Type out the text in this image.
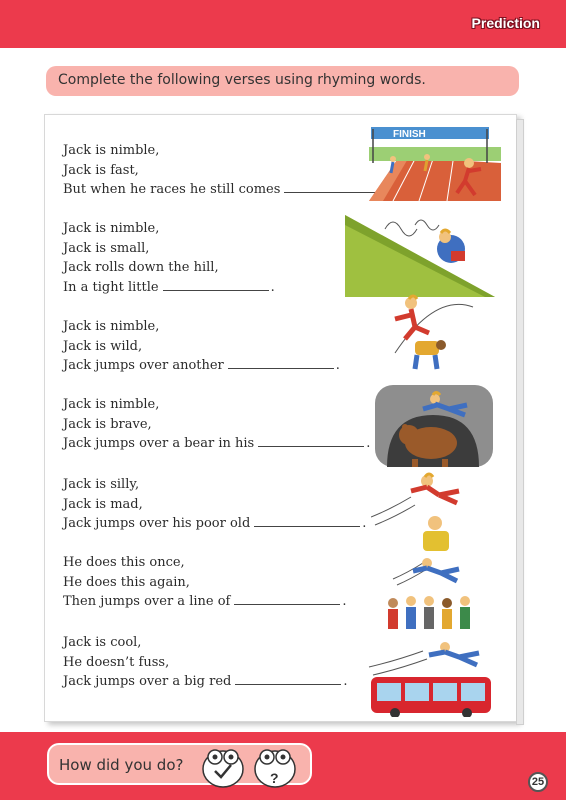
Prediction
Complete the following verses using rhyming words.
Jack is nimble,
Jack is fast,
But when he races he still comes
FINISH
Jack is nimble,
Jack is small,
Jack rolls down the hill,
In a tight little	.
Jack is nimble,
Jack is wild,
Jack jumps over another	.
Jack is nimble,
Jack is brave,
Jack jumps over a bear in his	.
Jack is silly,
Jack is mad,
Jack jumps over his poor old	.
He does this once,
He does this again,
Then jumps over a line of	.
Jack is cool,
He doesn’t fuss,
Jack jumps over a big red	.
How did you do?
?	25
